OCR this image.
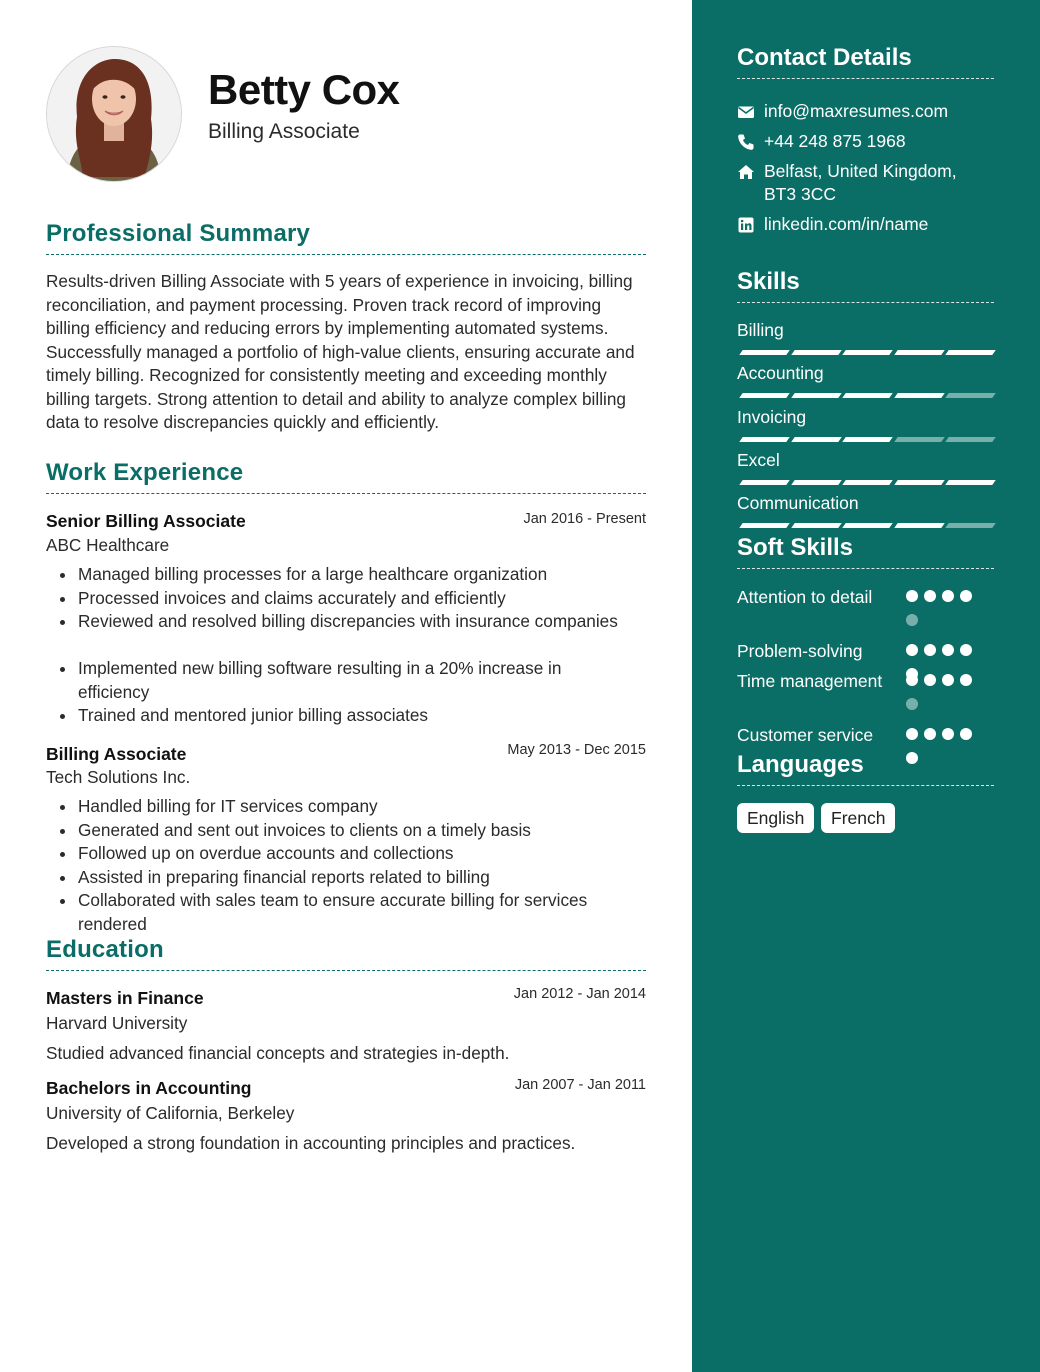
Betty Cox
Billing Associate
Professional Summary

Results-driven Billing Associate with 5 years of experience in invoicing, billing reconciliation, and payment processing. Proven track record of improving billing efficiency and reducing errors by implementing automated systems. Successfully managed a portfolio of high-value clients, ensuring accurate and timely billing. Recognized for consistently meeting and exceeding monthly billing targets. Strong attention to detail and ability to analyze complex billing data to resolve discrepancies quickly and efficiently.

Work Experience
Senior Billing Associate	Jan 2016 - Present
ABC Healthcare
Managed billing processes for a large healthcare organization
Processed invoices and claims accurately and efficiently
Reviewed and resolved billing discrepancies with insurance companies
Implemented new billing software resulting in a 20% increase in efficiency
Trained and mentored junior billing associates
Billing Associate	May 2013 - Dec 2015
Tech Solutions Inc.
Handled billing for IT services company
Generated and sent out invoices to clients on a timely basis
Followed up on overdue accounts and collections
Assisted in preparing financial reports related to billing
Collaborated with sales team to ensure accurate billing for services rendered
Education
Masters in Finance	Jan 2012 - Jan 2014
Harvard University
Studied advanced financial concepts and strategies in-depth.
Bachelors in Accounting	Jan 2007 - Jan 2011
University of California, Berkeley
Developed a strong foundation in accounting principles and practices.
Contact Details
info@maxresumes.com
+44 248 875 1968
Belfast, United Kingdom, BT3 3CC
linkedin.com/in/name
Skills
Billing
Accounting
Invoicing
Excel
Communication
Soft Skills
Attention to detail
Problem-solving
Time management
Customer service
Languages
English	French
